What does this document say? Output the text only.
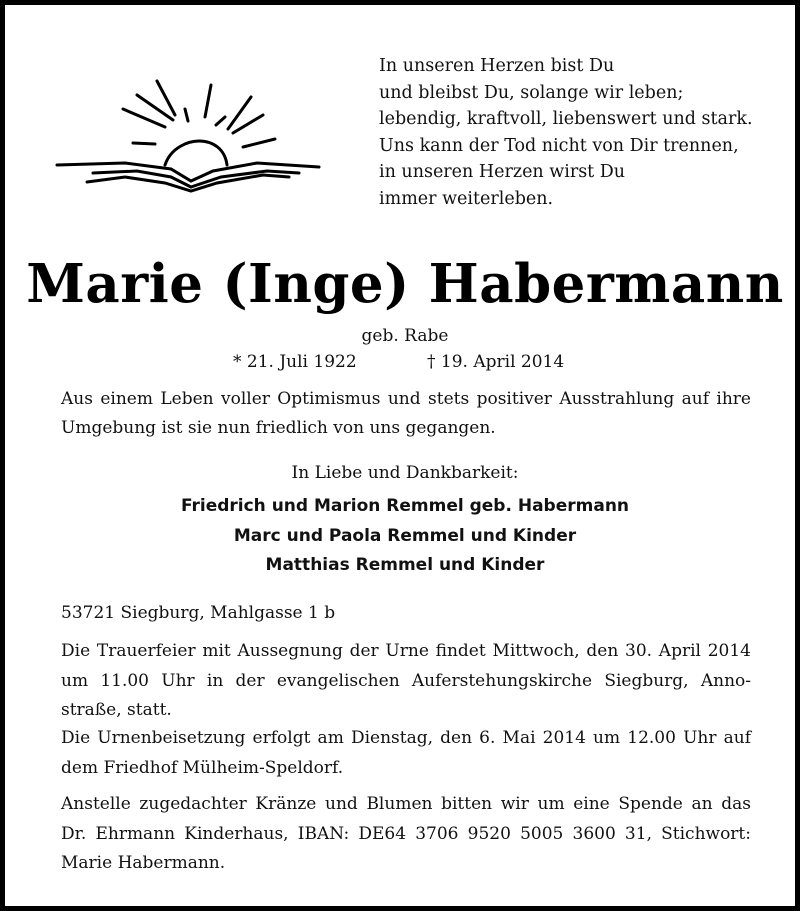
In unseren Herzen bist Du
und bleibst Du, solange wir leben;
lebendig, kraftvoll, liebenswert und stark.
Uns kann der Tod nicht von Dir trennen,
in unseren Herzen wirst Du
immer weiterleben.
Marie (Inge) Habermann
geb. Rabe
* 21. Juli 1922	† 19. April 2014
Aus einem Leben voller Optimismus und stets positiver Ausstrahlung auf ihre
Umgebung ist sie nun friedlich von uns gegangen.
In Liebe und Dankbarkeit:
Friedrich und Marion Remmel geb. Habermann
Marc und Paola Remmel und Kinder
Matthias Remmel und Kinder
53721 Siegburg, Mahlgasse 1 b
Die Trauerfeier mit Aussegnung der Urne findet Mittwoch, den 30. April 2014
um 11.00 Uhr in der evangelischen Auferstehungskirche Siegburg, Anno-
straße, statt.
Die Urnenbeisetzung erfolgt am Dienstag, den 6. Mai 2014 um 12.00 Uhr auf
dem Friedhof Mülheim-Speldorf.
Anstelle zugedachter Kränze und Blumen bitten wir um eine Spende an das
Dr. Ehrmann Kinderhaus, IBAN: DE64 3706 9520 5005 3600 31, Stichwort:
Marie Habermann.
